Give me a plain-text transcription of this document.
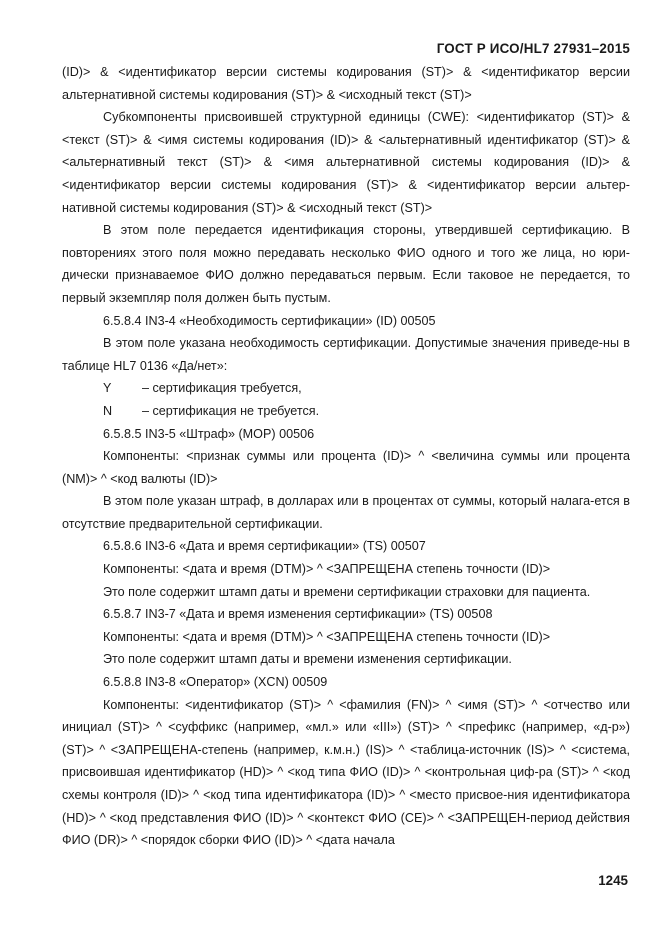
ГОСТ Р ИСО/HL7 27931–2015

(ID)> & <идентификатор версии системы кодирования (ST)> & <идентификатор версии альтернативной системы кодирования (ST)> & <исходный текст (ST)>

Субкомпоненты присвоившей структурной единицы (CWE): <идентификатор (ST)> & <текст (ST)> & <имя системы кодирования (ID)> & <альтернативный идентификатор (ST)> & <альтернативный текст (ST)> & <имя альтернативной системы кодирования (ID)> & <идентификатор версии системы кодирования (ST)> & <идентификатор версии альтер-нативной системы кодирования (ST)> & <исходный текст (ST)>

В этом поле передается идентификация стороны, утвердившей сертификацию. В повторениях этого поля можно передавать несколько ФИО одного и того же лица, но юри-дически признаваемое ФИО должно передаваться первым. Если таковое не передается, то первый экземпляр поля должен быть пустым.

6.5.8.4 IN3-4 «Необходимость сертификации» (ID) 00505

В этом поле указана необходимость сертификации. Допустимые значения приведе-ны в таблице HL7 0136 «Да/нет»:

Y – сертификация требуется,

N – сертификация не требуется.

6.5.8.5 IN3-5 «Штраф» (MOP) 00506

Компоненты: <признак суммы или процента (ID)> ^ <величина суммы или процента (NM)> ^ <код валюты (ID)>

В этом поле указан штраф, в долларах или в процентах от суммы, который налага-ется в отсутствие предварительной сертификации.

6.5.8.6 IN3-6 «Дата и время сертификации» (TS) 00507

Компоненты: <дата и время (DTM)> ^ <ЗАПРЕЩЕНА степень точности (ID)>

Это поле содержит штамп даты и времени сертификации страховки для пациента.

6.5.8.7 IN3-7 «Дата и время изменения сертификации» (TS) 00508

Компоненты: <дата и время (DTM)> ^ <ЗАПРЕЩЕНА степень точности (ID)>

Это поле содержит штамп даты и времени изменения сертификации.

6.5.8.8 IN3-8 «Оператор» (XCN) 00509

Компоненты: <идентификатор (ST)> ^ <фамилия (FN)> ^ <имя (ST)> ^ <отчество или инициал (ST)> ^ <суффикс (например, «мл.» или «III») (ST)> ^ <префикс (например, «д-р») (ST)> ^ <ЗАПРЕЩЕНА-степень (например, к.м.н.) (IS)> ^ <таблица-источник (IS)> ^ <система, присвоившая идентификатор (HD)> ^ <код типа ФИО (ID)> ^ <контрольная циф-ра (ST)> ^ <код схемы контроля (ID)> ^ <код типа идентификатора (ID)> ^ <место присвое-ния идентификатора (HD)> ^ <код представления ФИО (ID)> ^ <контекст ФИО (CE)> ^ <ЗАПРЕЩЕН-период действия ФИО (DR)> ^ <порядок сборки ФИО (ID)> ^ <дата начала

1245
